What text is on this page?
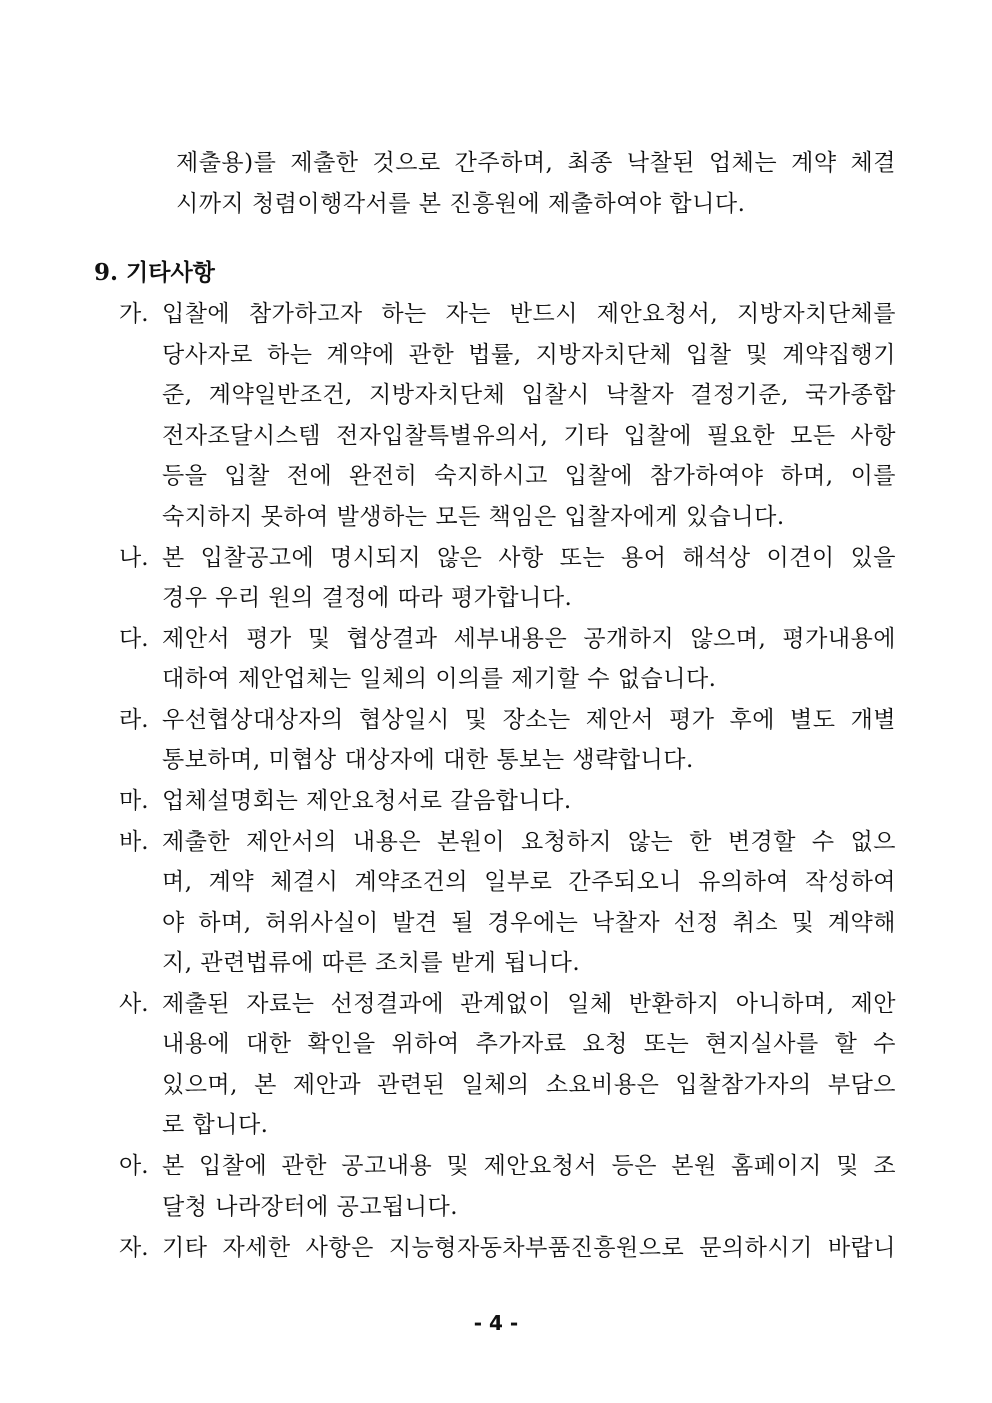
제출용)를 제출한 것으로 간주하며, 최종 낙찰된 업체는 계약 체결
시까지 청렴이행각서를 본 진흥원에 제출하여야 합니다.
9. 기타사항
가. 입찰에 참가하고자 하는 자는 반드시 제안요청서, 지방자치단체를
당사자로 하는 계약에 관한 법률, 지방자치단체 입찰 및 계약집행기
준, 계약일반조건, 지방자치단체 입찰시 낙찰자 결정기준, 국가종합
전자조달시스템 전자입찰특별유의서, 기타 입찰에 필요한 모든 사항
등을 입찰 전에 완전히 숙지하시고 입찰에 참가하여야 하며, 이를
숙지하지 못하여 발생하는 모든 책임은 입찰자에게 있습니다.
나. 본 입찰공고에 명시되지 않은 사항 또는 용어 해석상 이견이 있을
경우 우리 원의 결정에 따라 평가합니다.
다. 제안서 평가 및 협상결과 세부내용은 공개하지 않으며, 평가내용에
대하여 제안업체는 일체의 이의를 제기할 수 없습니다.
라. 우선협상대상자의 협상일시 및 장소는 제안서 평가 후에 별도 개별
통보하며, 미협상 대상자에 대한 통보는 생략합니다.
마. 업체설명회는 제안요청서로 갈음합니다.
바. 제출한 제안서의 내용은 본원이 요청하지 않는 한 변경할 수 없으
며, 계약 체결시 계약조건의 일부로 간주되오니 유의하여 작성하여
야 하며, 허위사실이 발견 될 경우에는 낙찰자 선정 취소 및 계약해
지, 관련법류에 따른 조치를 받게 됩니다.
사. 제출된 자료는 선정결과에 관계없이 일체 반환하지 아니하며, 제안
내용에 대한 확인을 위하여 추가자료 요청 또는 현지실사를 할 수
있으며, 본 제안과 관련된 일체의 소요비용은 입찰참가자의 부담으
로 합니다.
아. 본 입찰에 관한 공고내용 및 제안요청서 등은 본원 홈페이지 및 조
달청 나라장터에 공고됩니다.
자. 기타 자세한 사항은 지능형자동차부품진흥원으로 문의하시기 바랍니
- 4 -
